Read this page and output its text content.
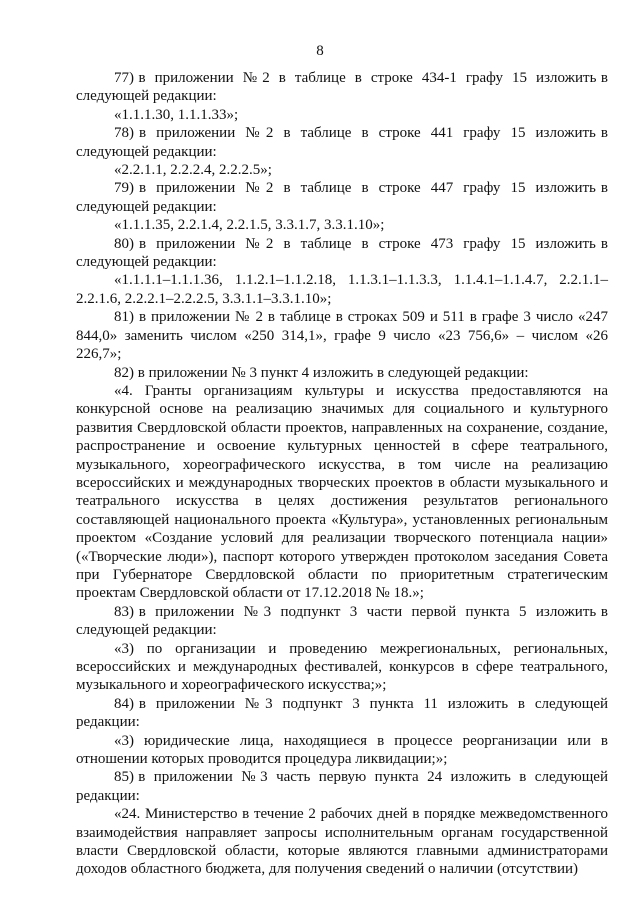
8

77) в  приложении  № 2  в  таблице  в  строке  434-1  графу  15  изложить в следующей редакции:

«1.1.1.30, 1.1.1.33»;

78) в  приложении  № 2  в  таблице  в  строке  441  графу  15  изложить в следующей редакции:

«2.2.1.1, 2.2.2.4, 2.2.2.5»;

79) в  приложении  № 2  в  таблице  в  строке  447  графу  15  изложить в следующей редакции:

«1.1.1.35, 2.2.1.4, 2.2.1.5, 3.3.1.7, 3.3.1.10»;

80) в  приложении  № 2  в  таблице  в  строке  473  графу  15  изложить в следующей редакции:

«1.1.1.1–1.1.1.36,  1.1.2.1–1.1.2.18,  1.1.3.1–1.1.3.3,  1.1.4.1–1.1.4.7,  2.2.1.1–2.2.1.6, 2.2.2.1–2.2.2.5, 3.3.1.1–3.3.1.10»;

81) в приложении № 2 в таблице в строках 509 и 511 в графе 3 число «247 844,0» заменить числом «250 314,1», графе 9 число «23 756,6» – числом «26 226,7»;

82) в приложении № 3 пункт 4 изложить в следующей редакции:

«4. Гранты организациям культуры и искусства предоставляются на конкурсной основе на реализацию значимых для социального и культурного развития Свердловской области проектов, направленных на сохранение, создание, распространение и освоение культурных ценностей в сфере театрального, музыкального, хореографического искусства, в том числе на реализацию всероссийских и международных творческих проектов в области музыкального и театрального искусства в целях достижения результатов регионального составляющей национального проекта «Культура», установленных региональным проектом «Создание условий для реализации творческого потенциала нации» («Творческие люди»), паспорт которого утвержден протоколом заседания Совета при Губернаторе Свердловской области по приоритетным стратегическим проектам Свердловской области от 17.12.2018 № 18.»;

83) в  приложении  № 3  подпункт  3  части  первой  пункта  5  изложить в следующей редакции:

«3) по организации и проведению межрегиональных, региональных, всероссийских и международных фестивалей, конкурсов в сфере театрального, музыкального и хореографического искусства;»;

84) в  приложении  № 3  подпункт  3  пункта  11  изложить  в  следующей редакции:

«3) юридические лица, находящиеся в процессе реорганизации или в отношении которых проводится процедура ликвидации;»;

85) в  приложении  № 3  часть  первую  пункта  24  изложить  в  следующей редакции:

«24. Министерство в течение 2 рабочих дней в порядке межведомственного взаимодействия направляет запросы исполнительным органам государственной власти Свердловской области, которые являются главными администраторами доходов областного бюджета, для получения сведений о наличии (отсутствии)
